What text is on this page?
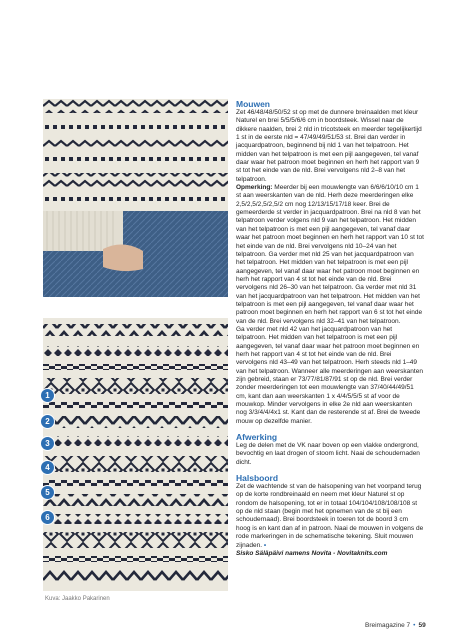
Kuva: Jaakko Pakarinen
1
2
3
4
5
6
Mouwen

Zet 46/48/48/50/52 st op met de dunnere breinaalden met kleur Naturel en brei 5/5/5/6/6 cm in boordsteek. Wissel naar de dikkere naalden, brei 2 nld in tricotsteek en meerder tegelijkertijd 1 st in de eerste nld = 47/49/49/51/53 st. Brei dan verder in jacquardpatroon, beginnend bij nld 1 van het telpatroon. Het midden van het telpatroon is met een pijl aangegeven, tel vanaf daar waar het patroon moet beginnen en herh het rapport van 9 st tot het einde van de nld. Brei vervolgens nld 2–8 van het telpatroon.

Opmerking: Meerder bij een mouwlengte van 6/6/6/10/10 cm 1 st aan weerskanten van de nld. Herh deze meerderingen elke 2,5/2,5/2,5/2,5/2 cm nog 12/13/15/17/18 keer. Brei de gemeerderde st verder in jacquardpatroon. Brei na nld 8 van het telpatroon verder volgens nld 9 van het telpatroon. Het midden van het telpatroon is met een pijl aangegeven, tel vanaf daar waar het patroon moet beginnen en herh het rapport van 10 st tot het einde van de nld. Brei vervolgens nld 10–24 van het telpatroon. Ga verder met nld 25 van het jacquardpatroon van het telpatroon. Het midden van het telpatroon is met een pijl aangegeven, tel vanaf daar waar het patroon moet beginnen en herh het rapport van 4 st tot het einde van de nld. Brei vervolgens nld 26–30 van het telpatroon. Ga verder met nld 31 van het jacquardpatroon van het telpatroon. Het midden van het telpatroon is met een pijl aangegeven, tel vanaf daar waar het patroon moet beginnen en herh het rapport van 6 st tot het einde van de nld. Brei vervolgens nld 32–41 van het telpatroon.

Ga verder met nld 42 van het jacquardpatroon van het telpatroon. Het midden van het telpatroon is met een pijl aangegeven, tel vanaf daar waar het patroon moet beginnen en herh het rapport van 4 st tot het einde van de nld. Brei vervolgens nld 43–49 van het telpatroon. Herh steeds nld 1–49 van het telpatroon. Wanneer alle meerderingen aan weerskanten zijn gebreid, staan er 73/77/81/87/91 st op de nld. Brei verder zonder meerderingen tot een mouwlengte van 37/40/44/49/51 cm, kant dan aan weerskanten 1 x 4/4/5/5/5 st af voor de mouwkop. Minder vervolgens in elke 2e nld aan weerskanten nog 3/3/4/4/4x1 st. Kant dan de resterende st af. Brei de tweede mouw op dezelfde manier.

Afwerking

Leg de delen met de VK naar boven op een vlakke ondergrond, bevochtig en laat drogen of stoom licht. Naai de schoudernaden dicht.

Halsboord

Zet de wachtende st van de halsopening van het voorpand terug op de korte rondbreinaald en neem met kleur Naturel st op rondom de halsopening, tot er in totaal 104/104/108/108/108 st op de nld staan (begin met het opnemen van de st bij een schoudernaad). Brei boordsteek in toeren tot de boord 3 cm hoog is en kant dan af in patroon. Naai de mouwen in volgens de rode markeringen in de schematische tekening. Sluit mouwen zijnaden. •

Sisko Säläpäivi namens Novita - Novitaknits.com

Breimagazine 7 • 59
